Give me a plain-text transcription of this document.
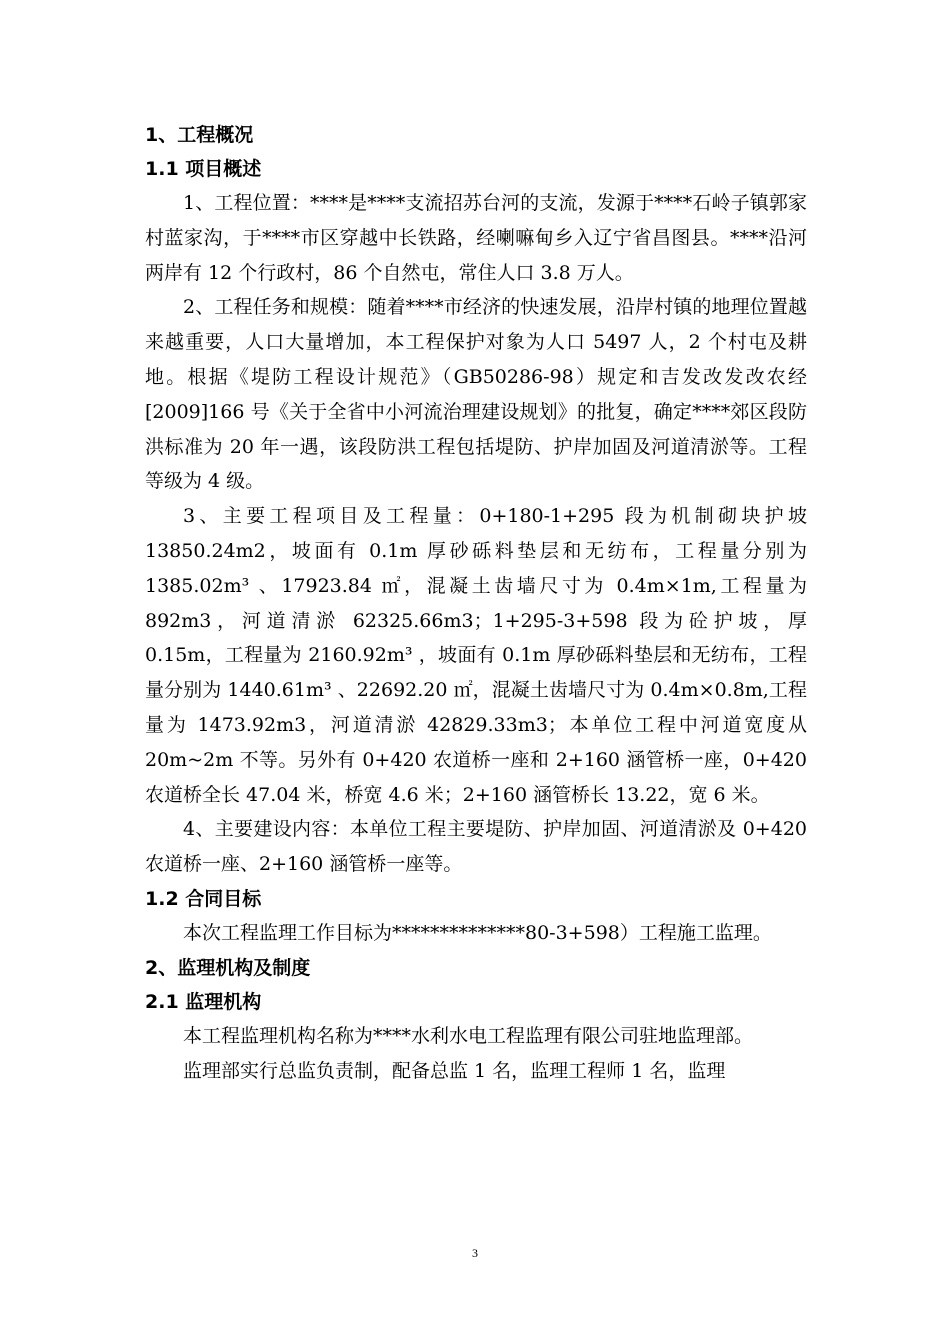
1、工程概况
1.1 项目概述

1、工程位置：****是****支流招苏台河的支流，发源于****石岭子镇郭家村蓝家沟，于****市区穿越中长铁路，经喇嘛甸乡入辽宁省昌图县。****沿河两岸有 12 个行政村，86 个自然屯，常住人口 3.8 万人。

2、工程任务和规模：随着****市经济的快速发展，沿岸村镇的地理位置越来越重要，人口大量增加，本工程保护对象为人口 5497 人，2 个村屯及耕地。根据《堤防工程设计规范》（GB50286-98）规定和吉发改发改农经[2009]166 号《关于全省中小河流治理建设规划》的批复，确定****郊区段防洪标准为 20 年一遇，该段防洪工程包括堤防、护岸加固及河道清淤等。工程等级为 4 级。

3、主要工程项目及工程量：0+180-1+295 段为机制砌块护坡 13850.24m2，坡面有 0.1m 厚砂砾料垫层和无纺布，工程量分别为 1385.02m³ 、17923.84 ㎡，混凝土齿墙尺寸为 0.4m×1m,工程量为 892m3，河道清淤 62325.66m3；1+295-3+598 段为砼护坡，厚 0.15m，工程量为 2160.92m³ ，坡面有 0.1m 厚砂砾料垫层和无纺布，工程量分别为 1440.61m³ 、22692.20 ㎡，混凝土齿墙尺寸为 0.4m×0.8m,工程量为 1473.92m3，河道清淤 42829.33m3；本单位工程中河道宽度从 20m~2m 不等。另外有 0+420 农道桥一座和 2+160 涵管桥一座，0+420 农道桥全长 47.04 米，桥宽 4.6 米；2+160 涵管桥长 13.22，宽 6 米。

4、主要建设内容：本单位工程主要堤防、护岸加固、河道清淤及 0+420 农道桥一座、2+160 涵管桥一座等。

1.2 合同目标

本次工程监理工作目标为**************80-3+598）工程施工监理。

2、监理机构及制度
2.1 监理机构

本工程监理机构名称为****水利水电工程监理有限公司驻地监理部。

监理部实行总监负责制，配备总监 1 名，监理工程师 1 名，监理

3
